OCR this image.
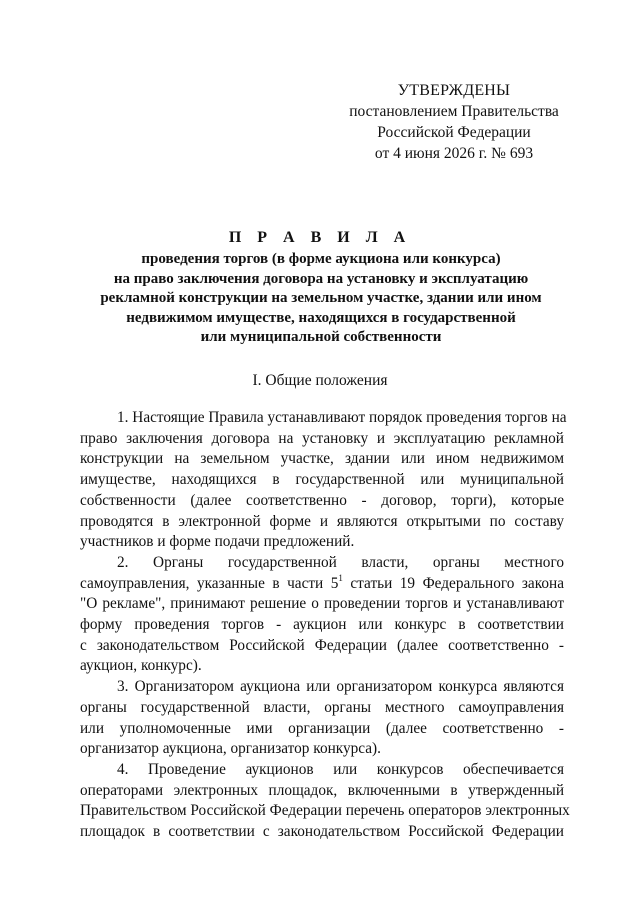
УТВЕРЖДЕНЫ
постановлением Правительства
Российской Федерации
от 4 июня 2026 г. № 693
П Р А В И Л А
проведения торгов (в форме аукциона или конкурса)
на право заключения договора на установку и эксплуатацию
рекламной конструкции на земельном участке, здании или ином
недвижимом имуществе, находящихся в государственной
или муниципальной собственности
I. Общие положения
1. Настоящие Правила устанавливают порядок проведения торгов на
право заключения договора на установку и эксплуатацию рекламной
конструкции на земельном участке, здании или ином недвижимом
имуществе, находящихся в государственной или муниципальной
собственности (далее соответственно - договор, торги), которые
проводятся в электронной форме и являются открытыми по составу
участников и форме подачи предложений.
2. Органы государственной власти, органы местного
самоуправления, указанные в части $5^1$ статьи 19 Федерального закона
"О рекламе", принимают решение о проведении торгов и устанавливают
форму проведения торгов - аукцион или конкурс в соответствии
с законодательством Российской Федерации (далее соответственно -
аукцион, конкурс).
3. Организатором аукциона или организатором конкурса являются
органы государственной власти, органы местного самоуправления
или уполномоченные ими организации (далее соответственно -
организатор аукциона, организатор конкурса).
4. Проведение аукционов или конкурсов обеспечивается
операторами электронных площадок, включенными в утвержденный
Правительством Российской Федерации перечень операторов электронных
площадок в соответствии с законодательством Российской Федерации
